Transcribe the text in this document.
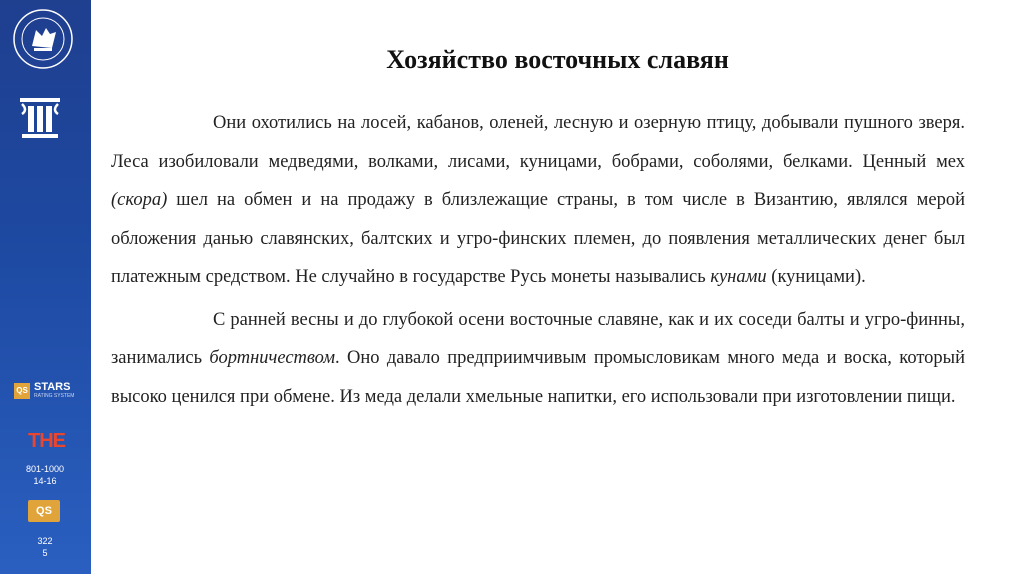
QS STARS
RATING SYSTEM
THE
801-1000
14-16
QS
322
5
Хозяйство восточных славян

Они охотились на лосей, кабанов, оленей, лесную и озерную птицу, добывали пушного зверя. Леса изобиловали медведями, волками, лисами, куницами, бобрами, соболями, белками. Ценный мех (скора) шел на обмен и на продажу в близлежащие страны, в том числе в Византию, являлся мерой обложения данью славянских, балтских и угро-финских племен, до появления металлических денег был платежным средством. Не случайно в государстве Русь монеты назывались кунами (куницами).

С ранней весны и до глубокой осени восточные славяне, как и их соседи балты и угро-финны, занимались бортничеством. Оно давало предприимчивым промысловикам много меда и воска, который высоко ценился при обмене. Из меда делали хмельные напитки, его использовали при изготовлении пищи.
